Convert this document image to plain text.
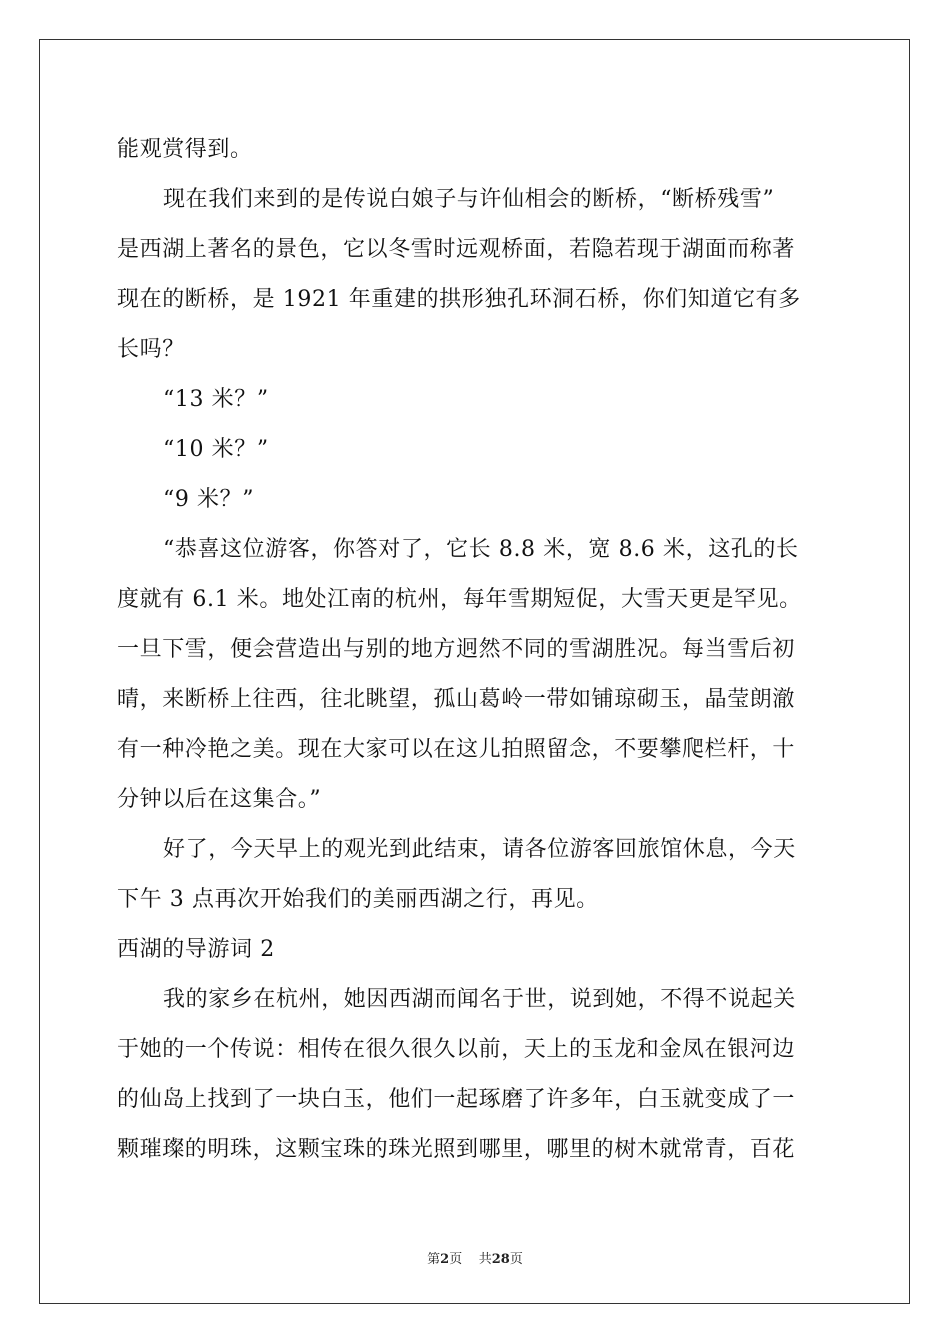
能观赏得到。
现在我们来到的是传说白娘子与许仙相会的断桥，“断桥残雪”
是西湖上著名的景色，它以冬雪时远观桥面，若隐若现于湖面而称著
现在的断桥，是 1921 年重建的拱形独孔环洞石桥，你们知道它有多
长吗？
“13 米？”
“10 米？”
“9 米？”
“恭喜这位游客，你答对了，它长 8.8 米，宽 8.6 米，这孔的长
度就有 6.1 米。地处江南的杭州，每年雪期短促，大雪天更是罕见。
一旦下雪，便会营造出与别的地方迥然不同的雪湖胜况。每当雪后初
晴，来断桥上往西，往北眺望，孤山葛岭一带如铺琼砌玉，晶莹朗澈
有一种冷艳之美。现在大家可以在这儿拍照留念，不要攀爬栏杆，十
分钟以后在这集合。”
好了，今天早上的观光到此结束，请各位游客回旅馆休息，今天
下午 3 点再次开始我们的美丽西湖之行，再见。
西湖的导游词 2
我的家乡在杭州，她因西湖而闻名于世，说到她，不得不说起关
于她的一个传说：相传在很久很久以前，天上的玉龙和金凤在银河边
的仙岛上找到了一块白玉，他们一起琢磨了许多年，白玉就变成了一
颗璀璨的明珠，这颗宝珠的珠光照到哪里，哪里的树木就常青，百花
第2页 共28页
